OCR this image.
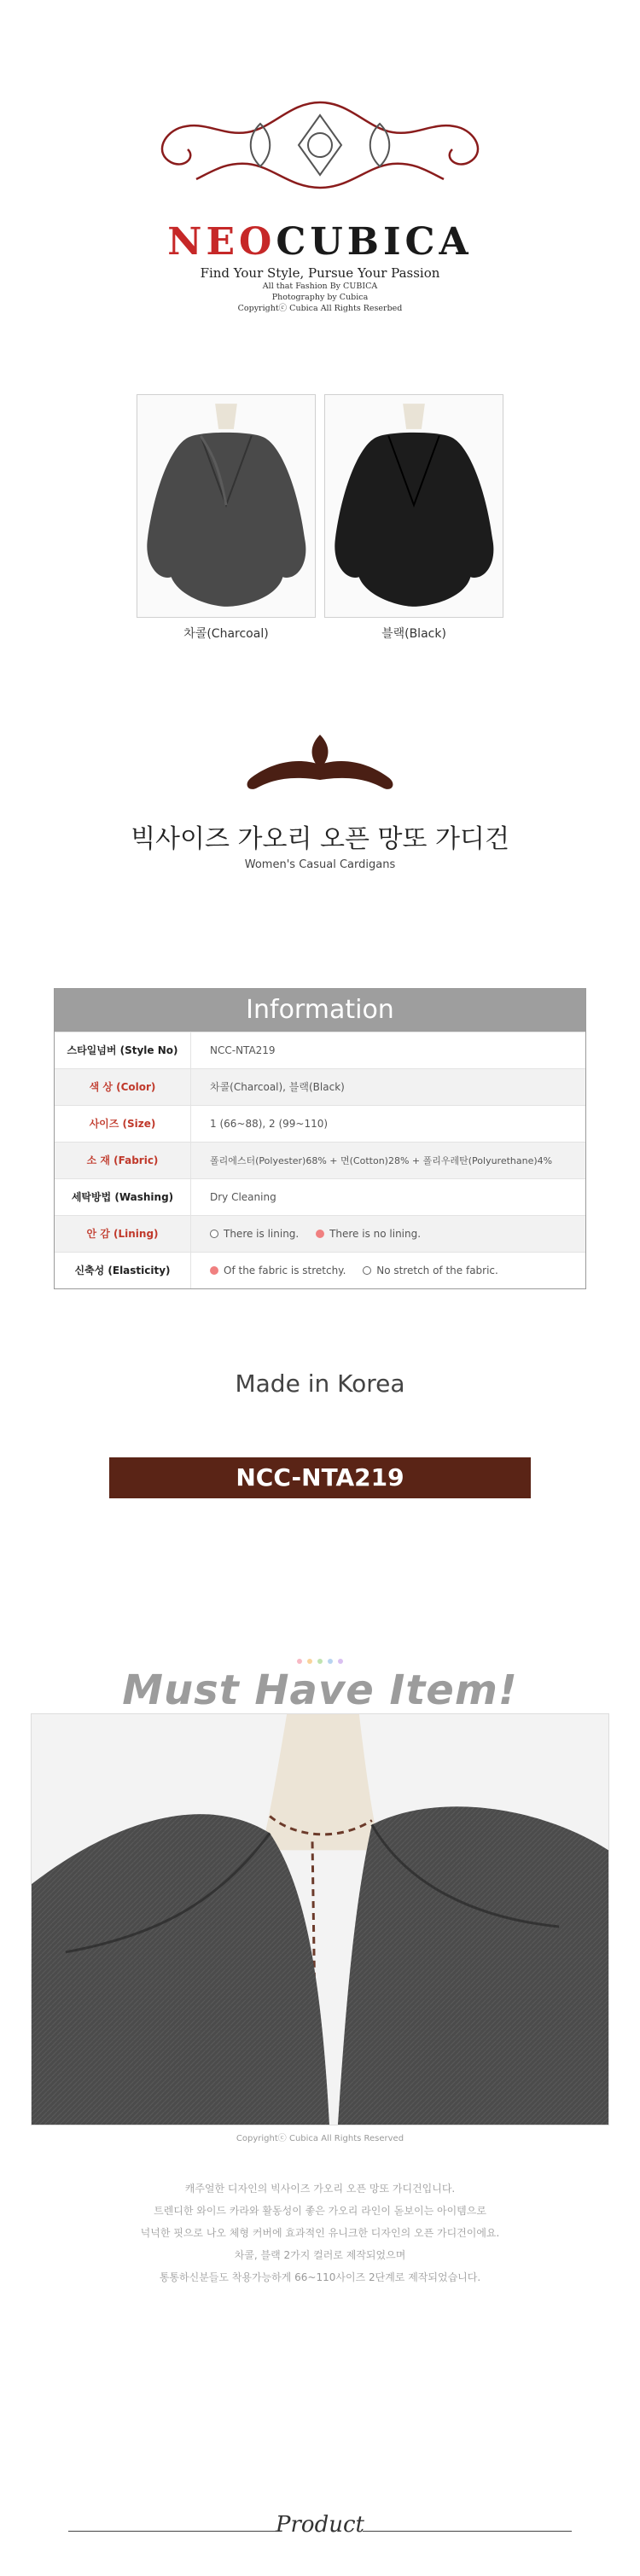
NEOCUBICA
Find Your Style, Pursue Your Passion
All that Fashion By CUBICA
Photography by Cubica
Copyrightⓒ Cubica All Rights Reserbed
차콜(Charcoal)	블랙(Black)
빅사이즈 가오리 오픈 망또 가디건
Women's Casual Cardigans
Information
스타일넘버 (Style No)	NCC-NTA219
색 상 (Color)	차콜(Charcoal), 블랙(Black)
사이즈 (Size)	1 (66~88), 2 (99~110)
소 재 (Fabric)	폴리에스터(Polyester)68% + 면(Cotton)28% + 폴리우레탄(Polyurethane)4%
세탁방법 (Washing)	Dry Cleaning
안 감 (Lining)	There is lining.	There is no lining.
신축성 (Elasticity)	Of the fabric is stretchy.	No stretch of the fabric.
Made in Korea
NCC-NTA219
Must Have Item!
Copyrightⓒ Cubica All Rights Reserved
캐주얼한 디자인의 빅사이즈 가오리 오픈 망또 가디건입니다.
트렌디한 와이드 카라와 활동성이 좋은 가오리 라인이 돋보이는 아이템으로
넉넉한 핏으로 나오 체형 커버에 효과적인 유니크한 디자인의 오픈 가디건이에요.
차콜, 블랙 2가지 컬러로 제작되었으며
통통하신분들도 착용가능하게 66~110사이즈 2단계로 제작되었습니다.
Product
